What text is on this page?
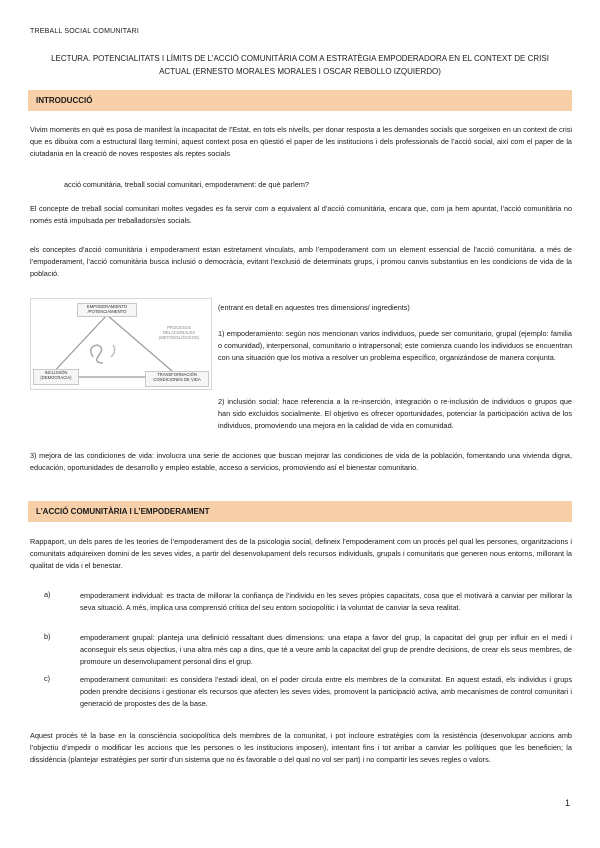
TREBALL SOCIAL COMUNITARI
LECTURA. POTENCIALITATS I LÍMITS DE L’ACCIÓ COMUNITÀRIA COM A ESTRATÈGIA EMPODERADORA EN EL CONTEXT DE CRISI ACTUAL (ERNESTO MORALES MORALES I OSCAR REBOLLO IZQUIERDO)
INTRODUCCIÓ
Vivim moments en què es posa de manifest la incapacitat de l’Estat, en tots els nivells, per donar resposta a les demandes socials que sorgeixen en un context de crisi que es dibuixa com a estructural llarg termini, aquest context posa en qüestió el paper de les institucions i dels professionals de l’acció social, així com el paper de la ciutadania en la creació de noves respostes als reptes socials
acció comunitària, treball social comunitari, empoderament: de què parlem?
El concepte de treball social comunitari moltes vegades es fa servir com a equivalent al d’acció comunitària, encara que, com ja hem apuntat, l’acció comunitària no només està impulsada per treballadors/es socials.
els conceptes d’acció comunitària i empoderament estan estretament vinculats, amb l’empoderament com un element essencial de l’acció comunitària. a més de l’empoderament, l’acció comunitària busca inclusió o democràcia, evitant l’exclusió de determinats grups, i promou canvis substantius en les condicions de vida de la població.
EMPODERAMIENTO /POTENCIAMIENTO
PROCESOS RELACIONALES (METODOLÓGICOS)
INCLUSIÓN (DEMOCRACIA)
TRANSFORMACIÓN CONDICIONES DE VIDA
(entrant en detall en aquestes tres dimensions/ ingredients)
1) empoderamiento: según nos mencionan varios individuos, puede ser comunitario, grupal (ejemplo: familia o comunidad), interpersonal, comunitario o intrapersonal; este comienza cuando los individuos se encuentran con una situación que los motiva a resolver un problema específico, organizándose de manera conjunta.
2) inclusión social: hace referencia a la re-inserción, integración o re-inclusión de individuos o grupos que han sido excluidos socialmente. El objetivo es ofrecer oportunidades, potenciar la participación activa de los individuos, promoviendo una mejora en la calidad de vida en comunidad.
3) mejora de las condiciones de vida: involucra una serie de acciones que buscan mejorar las condiciones de vida de la población, fomentando una vivienda digna, educación, oportunidades de desarrollo y empleo estable, acceso a servicios, promoviendo así el bienestar comunitario.
L’ACCIÓ COMUNITÀRIA I L’EMPODERAMENT
Rappaport, un dels pares de les teories de l’empoderament des de la psicologia social, defineix l’empoderament com un procés pel qual les persones, organitzacions i comunitats adquireixen domini de les seves vides, a partir del desenvolupament dels recursos individuals, grupals i comunitaris que generen nous entorns, millorant la qualitat de vida i el benestar.
a)	empoderament individual: es tracta de millorar la confiança de l’individu en les seves pròpies capacitats, cosa que el motivarà a canviar per millorar la seva situació. A més, implica una comprensió crítica del seu entorn sociopolític i la voluntat de canviar la seva realitat.
b)	empoderament grupal: planteja una definició ressaltant dues dimensions: una etapa a favor del grup, la capacitat del grup per influir en el medi i aconseguir els seus objectius, i una altra més cap a dins, que té a veure amb la capacitat del grup de prendre decisions, de crear els seus membres, de promoure un desenvolupament personal dins el grup.
c)	empoderament comunitari: es considera l’estadi ideal, on el poder circula entre els membres de la comunitat. En aquest estadi, els individus i grups poden prendre decisions i gestionar els recursos que afecten les seves vides, promovent la participació activa, amb mecanismes de control comunitari i generació de propostes des de la base.
Aquest procés té la base en la consciència sociopolítica dels membres de la comunitat, i pot incloure estratègies com la resistència (desenvolupar accions amb l’objectiu d’impedir o modificar les accions que les persones o les institucions imposen), intentant fins i tot arribar a canviar les polítiques que les beneficien; la dissidència (plantejar estratègies per sortir d’un sistema que no és favorable o del qual no vol ser part) i no compartir les seves regles o valors.
1
